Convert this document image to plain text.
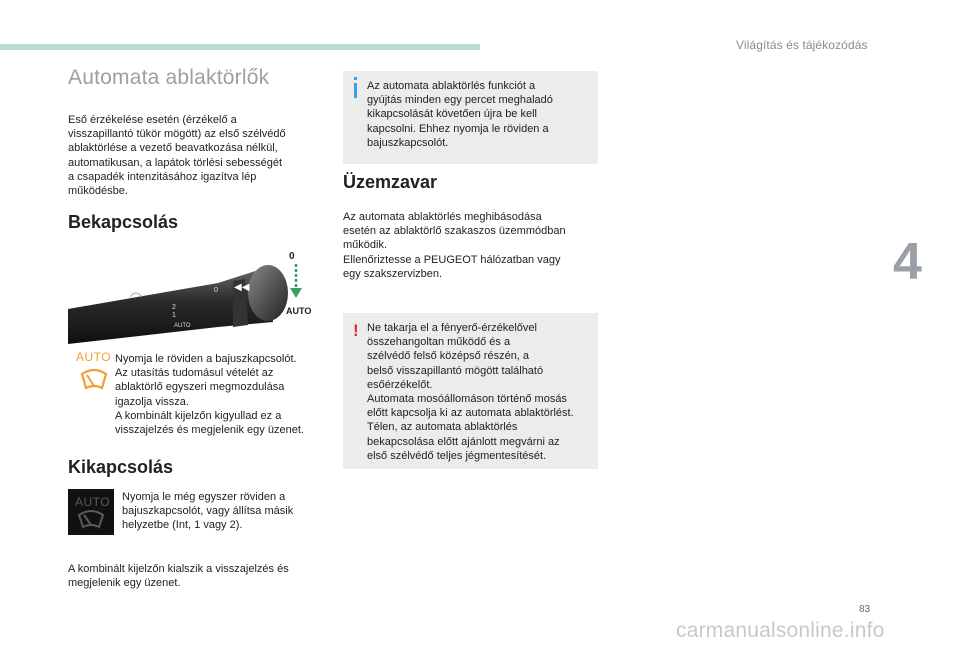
Világítás és tájékozódás
Automata ablaktörlők

Eső érzékelése esetén (érzékelő a
visszapillantó tükör mögött) az első szélvédő
ablaktörlése a vezető beavatkozása nélkül,
automatikusan, a lapátok törlési sebességét
a csapadék intenzitásához igazítva lép
működésbe.

Bekapcsolás
2
1
AUTO
0 ◀◀
0
AUTO
AUTO Nyomja le röviden a bajuszkapcsolót.
Az utasítás tudomásul vételét az
ablaktörlő egyszeri megmozdulása
igazolja vissza.
A kombinált kijelzőn kigyullad ez a
visszajelzés és megjelenik egy üzenet.

Kikapcsolás
AUTO Nyomja le még egyszer röviden a
bajuszkapcsolót, vagy állítsa másik
helyzetbe (Int, 1 vagy 2).

A kombinált kijelzőn kialszik a visszajelzés és
megjelenik egy üzenet.

Az automata ablaktörlés funkciót a
gyújtás minden egy percet meghaladó
kikapcsolását követően újra be kell
kapcsolni. Ehhez nyomja le röviden a
bajuszkapcsolót.

Üzemzavar

Az automata ablaktörlés meghibásodása
esetén az ablaktörlő szakaszos üzemmódban
működik.
Ellenőriztesse a PEUGEOT hálózatban vagy
egy szakszervizben.

! Ne takarja el a fényerő-érzékelővel
összehangoltan működő és a
szélvédő felső középső részén, a
belső visszapillantó mögött található
esőérzékelőt.
Automata mosóállomáson történő mosás
előtt kapcsolja ki az automata ablaktörlést.
Télen, az automata ablaktörlés
bekapcsolása előtt ajánlott megvárni az
első szélvédő teljes jégmentesítését.

4
83
carmanualsonline.info
